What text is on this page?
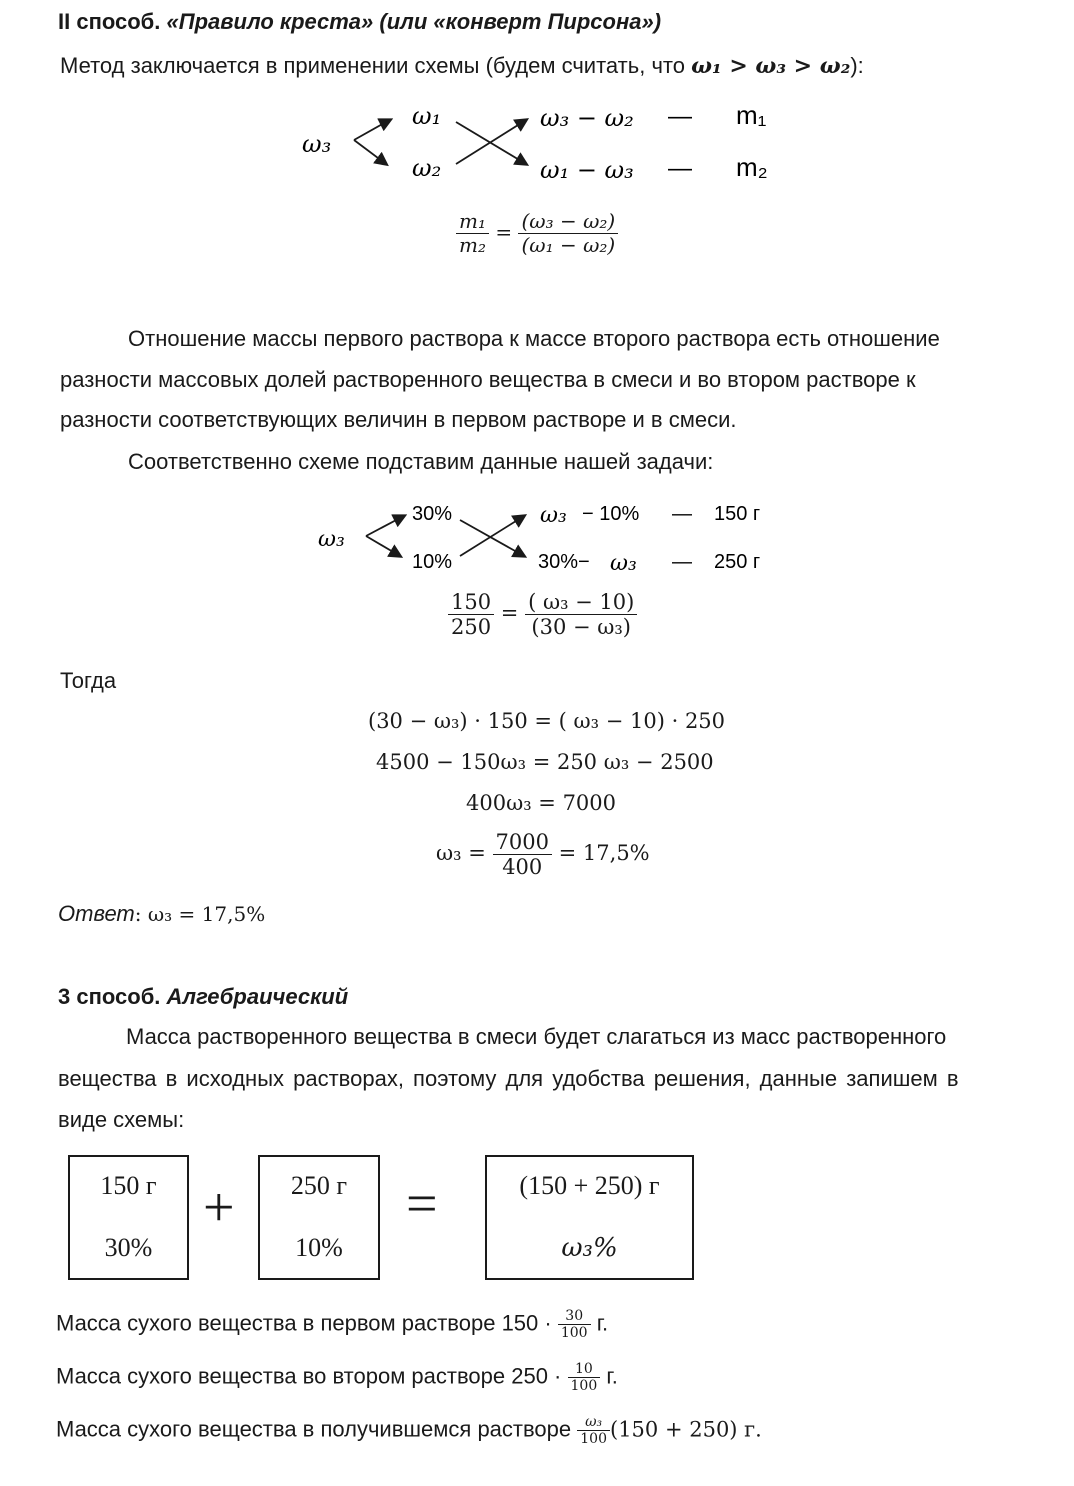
II способ. «Правило креста» (или «конверт Пирсона»)
Метод заключается в применении схемы (будем считать, что ω₁ > ω₃ > ω₂):
ω₃
ω₁
ω₂
ω₃ − ω₂
ω₁ − ω₃
—
—
m₁
m₂
$\frac{\text{m₁}}{\text{m₂}} = \frac{\text{(ω₃ − ω₂)}}{\text{(ω₁ − ω₂)}}$
Отношение массы первого раствора к массе второго раствора есть отношение
разности массовых долей растворенного вещества в смеси и во втором растворе к
разности соответствующих величин в первом растворе и в смеси.
Соответственно схеме подставим данные нашей задачи:
ω₃
30%
10%
ω₃ − 10%
30%− ω₃
—
—
150 г
250 г
$\frac{150}{250} = \frac{\text{( ω₃ − 10)}}{\text{(30 − ω₃)}}$
Тогда
(30 − ω₃) · 150 = ( ω₃ − 10) · 250
4500 − 150ω₃ = 250 ω₃ − 2500
400ω₃ = 7000
$\omega_3 = \frac{7000}{400} = 17,5\%$
Ответ: ω₃ = 17,5%
3 способ. Алгебраический
Масса растворенного вещества в смеси будет слагаться из масс растворенного
вещества в исходных растворах, поэтому для удобства решения, данные запишем в
виде схемы:
150 г
30%
+	250 г
10%
=	(150 + 250) г
ω₃%
Масса сухого вещества в первом растворе $150 \cdot \frac{30}{100} г$.
Масса сухого вещества во втором растворе $250 \cdot \frac{10}{100} г$.
Масса сухого вещества в получившемся растворе $\frac{\text{ω₃}}{100} (150 + 250)$ г.
